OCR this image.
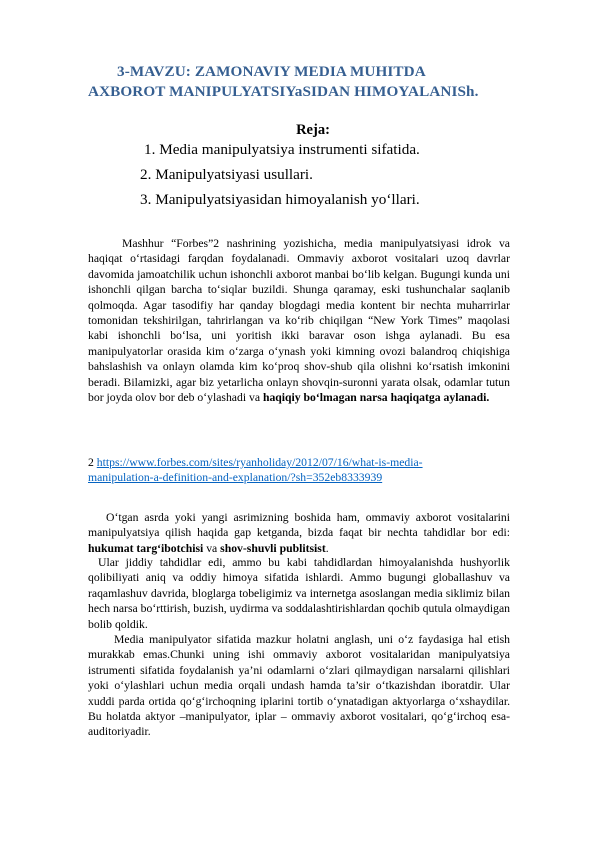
3-MAVZU: ZAMONAVIY MEDIA MUHITDA
AXBOROT MANIPULYATSIYaSIDAN HIMOYALANISh.
Reja:
1. Media manipulyatsiya instrumenti sifatida.
2. Manipulyatsiyasi usullari.
3. Manipulyatsiyasidan himoyalanish yo‘llari.

Mashhur “Forbes”2 nashrining yozishicha, media manipulyatsiyasi idrok va haqiqat o‘rtasidagi farqdan foydalanadi. Ommaviy axborot vositalari uzoq davrlar davomida jamoatchilik uchun ishonchli axborot manbai bo‘lib kelgan. Bugungi kunda uni ishonchli qilgan barcha to‘siqlar buzildi. Shunga qaramay, eski tushunchalar saqlanib qolmoqda. Agar tasodifiy har qanday blogdagi media kontent bir nechta muharrirlar tomonidan tekshirilgan, tahrirlangan va ko‘rib chiqilgan “New York Times” maqolasi kabi ishonchli bo‘lsa, uni yoritish ikki baravar oson ishga aylanadi. Bu esa manipulyatorlar orasida kim o‘zarga o‘ynash yoki kimning ovozi balandroq chiqishiga bahslashish va onlayn olamda kim ko‘proq shov-shub qila olishni ko‘rsatish imkonini beradi. Bilamizki, agar biz yetarlicha onlayn shovqin-suronni yarata olsak, odamlar tutun bor joyda olov bor deb o‘ylashadi va haqiqiy bo‘lmagan narsa haqiqatga aylanadi.

2 https://www.forbes.com/sites/ryanholiday/2012/07/16/what-is-media-
manipulation-a-definition-and-explanation/?sh=352eb8333939

O‘tgan asrda yoki yangi asrimizning boshida ham, ommaviy axborot vositalarini manipulyatsiya qilish haqida gap ketganda, bizda faqat bir nechta tahdidlar bor edi: hukumat targ‘ibotchisi va shov-shuvli publitsist.

Ular jiddiy tahdidlar edi, ammo bu kabi tahdidlardan himoyalanishda hushyorlik qolibiliyati aniq va oddiy himoya sifatida ishlardi. Ammo bugungi globallashuv va raqamlashuv davrida, bloglarga tobeligimiz va internetga asoslangan media siklimiz bilan hech narsa bo‘rttirish, buzish, uydirma va soddalashtirishlardan qochib qutula olmaydigan bolib qoldik.

Media manipulyator sifatida mazkur holatni anglash, uni o‘z faydasiga hal etish murakkab emas.Chunki uning ishi ommaviy axborot vositalaridan manipulyatsiya istrumenti sifatida foydalanish ya’ni odamlarni o‘zlari qilmaydigan narsalarni qilishlari yoki o‘ylashlari uchun media orqali undash hamda ta’sir o‘tkazishdan iboratdir. Ular xuddi parda ortida qo‘g‘irchoqning iplarini tortib o‘ynatadigan aktyorlarga o‘xshaydilar. Bu holatda aktyor –manipulyator, iplar – ommaviy axborot vositalari, qo‘g‘irchoq esa- auditoriyadir.
